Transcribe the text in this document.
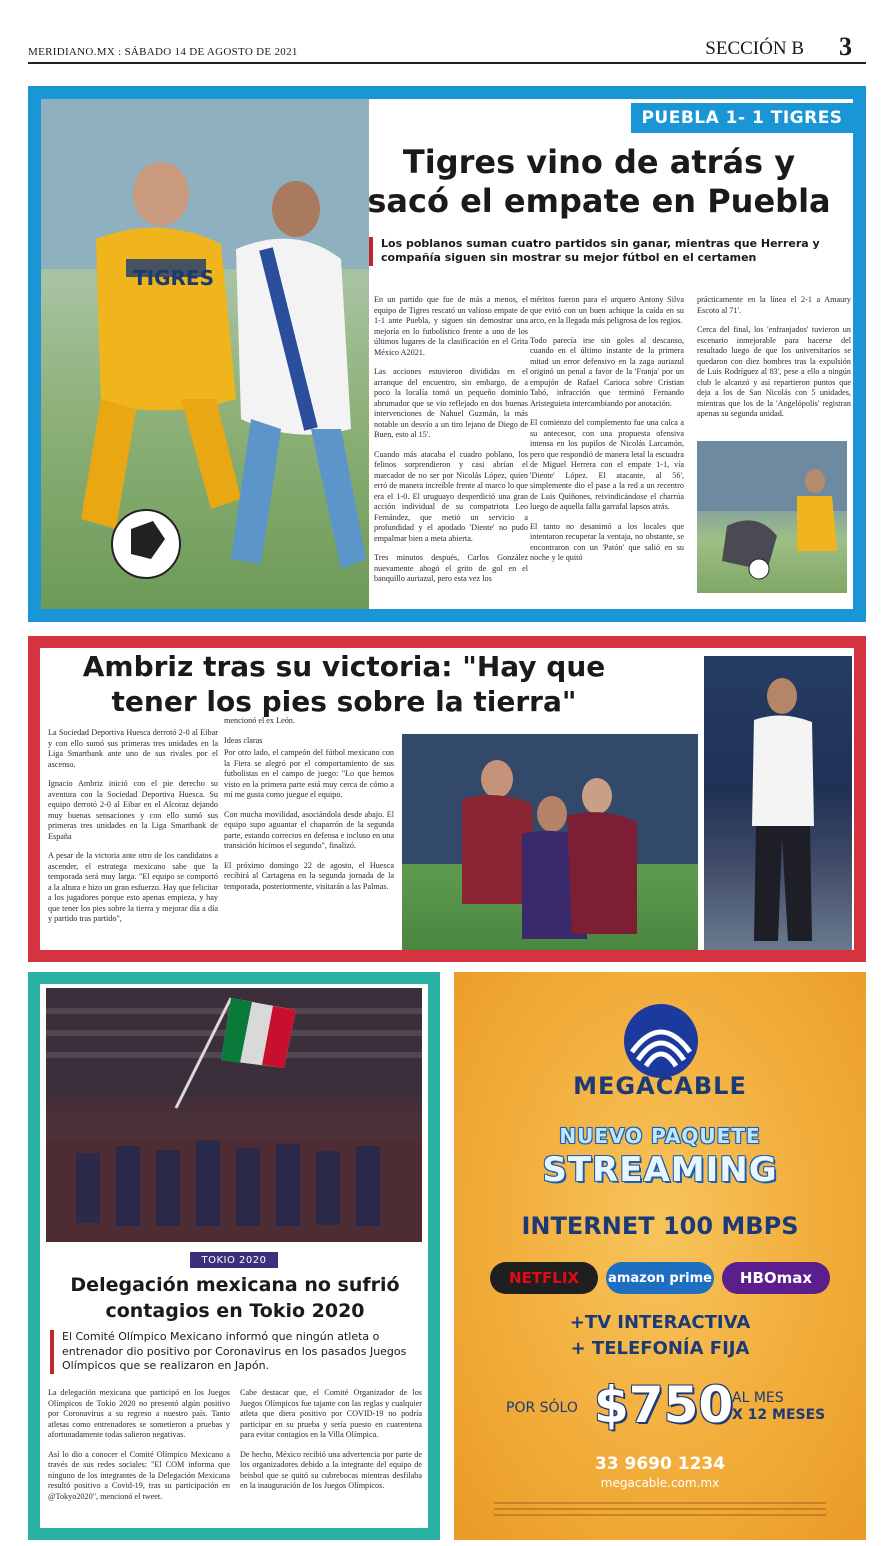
MERIDIANO.MX : SÁBADO 14 DE AGOSTO DE 2021	SECCIÓN B 3
TIGRES
PUEBLA 1- 1 TIGRES
Tigres vino de atrás y sacó el empate en Puebla
Los poblanos suman cuatro partidos sin ganar, mientras que Herrera y compañía siguen sin mostrar su mejor fútbol en el certamen

En un partido que fue de más a menos, el equipo de Tigres rescató un valioso empate de 1-1 ante Puebla, y siguen sin demostrar una mejoría en lo futbolístico frente a uno de los últimos lugares de la clasificación en el Grita México A2021.

Las acciones estuvieron divididas en el arranque del encuentro, sin embargo, de a poco la localía tomó un pequeño dominio abrumador que se vio reflejado en dos buenas intervenciones de Nahuel Guzmán, la más notable un desvío a un tiro lejano de Diego de Buen, esto al 15'.

Cuando más atacaba el cuadro poblano, los felinos sorprendieron y casi abrían el marcador de no ser por Nicolás López, quien erró de manera increíble frente al marco lo que era el 1-0. El uruguayo desperdició una gran acción individual de su compatriota Leo Fernández, que metió un servicio a profundidad y el apodado 'Diente' no pudo empalmar bien a meta abierta.

Tres minutos después, Carlos González nuevamente ahogó el grito de gol en el banquillo auriazul, pero esta vez los

méritos fueron para el arquero Antony Silva que evitó con un buen achique la caída en su arco, en la llegada más peligrosa de los regios.

Todo parecía irse sin goles al descanso, cuando en el último instante de la primera mitad un error defensivo en la zaga auriazul originó un penal a favor de la 'Franja' por un empujón de Rafael Carioca sobre Cristian Tabó, infracción que terminó Fernando Aristeguieta intercambiando por anotación.

El comienzo del complemento fue una calca a su antecesor, con una propuesta ofensiva intensa en los pupilos de Nicolás Larcamón, pero que respondió de manera letal la escuadra de Miguel Herrera con el empate 1-1, vía 'Diente' López. El atacante, al 56', simplemente dio el pase a la red a un recentro de Luis Quiñones, reivindicándose el charrúa luego de aquella falla garrafal lapsos atrás.

El tanto no desanimó a los locales que intentaron recuperar la ventaja, no obstante, se encontraron con un 'Patón' que salió en su noche y le quitó

prácticamente en la línea el 2-1 a Amaury Escoto al 71'.

Cerca del final, los 'enfranjados' tuvieron un escenario inmejorable para hacerse del resultado luego de que los universitarios se quedaron con diez hombres tras la expulsión de Luis Rodríguez al 83', pese a ello a ningún club le alcanzó y así repartieron puntos que deja a los de San Nicolás con 5 unidades, mientras que los de la 'Angelópolis' registran apenas su segunda unidad.

Ambriz tras su victoria: "Hay que tener los pies sobre la tierra"

La Sociedad Deportiva Huesca derrotó 2-0 al Eibar y con ello sumó sus primeras tres unidades en la Liga Smartbank ante uno de sus rivales por el ascenso.

Ignacio Ambriz inició con el pie derecho su aventura con la Sociedad Deportiva Huesca. Su equipo derrotó 2-0 al Eibar en el Alcoraz dejando muy buenas sensaciones y con ello sumó sus primeras tres unidades en la Liga Smartbank de España

A pesar de la victoria ante otro de los candidatos a ascender, el estratega mexicano sabe que la temporada será muy larga. "El equipo se comportó a la altura e hizo un gran esfuerzo. Hay que felicitar a los jugadores porque esto apenas empieza, y hay que tener los pies sobre la tierra y mejorar día a día y partido tras partido",

mencionó el ex León.

Ideas claras

Por otro lado, el campeón del fútbol mexicano con la Fiera se alegró por el comportamiento de sus futbolistas en el campo de juego: "Lo que hemos visto en la primera parte está muy cerca de cómo a mí me gusta como juegue el equipo.

Con mucha movilidad, asociándola desde abajo. El equipo supo aguantar el chaparrón de la segunda parte, estando correctos en defensa e incluso en una transición hicimos el segundo", finalizó.

El próximo domingo 22 de agosto, el Huesca recibirá al Cartagena en la segunda jornada de la temporada, posteriormente, visitarán a las Palmas.

TOKIO 2020
Delegación mexicana no sufrió contagios en Tokio 2020
El Comité Olímpico Mexicano informó que ningún atleta o entrenador dio positivo por Coronavirus en los pasados Juegos Olímpicos que se realizaron en Japón.

La delegación mexicana que participó en los Juegos Olímpicos de Tokio 2020 no presentó algún positivo por Coronavirus a su regreso a nuestro país. Tanto atletas como entrenadores se sometieron a pruebas y afortunadamente todas salieron negativas.

Así lo dio a conocer el Comité Olímpico Mexicano a través de sus redes sociales: "El COM informa que ninguno de los integrantes de la Delegación Mexicana resultó positivo a Covid-19, tras su participación en @Tokyo2020", mencionó el tweet.

Cabe destacar que, el Comité Organizador de los Juegos Olímpicos fue tajante con las reglas y cualquier atleta que diera positivo por COVID-19 no podría participar en su prueba y sería puesto en cuarentena para evitar contagios en la Villa Olímpica.

De hecho, México recibió una advertencia por parte de los organizadores debido a la integrante del equipo de beisbol que se quitó su cubrebocas mientras desfilaba en la inauguración de los Juegos Olímpicos.

MEGACABLE
NUEVO PAQUETE
STREAMING
INTERNET 100 MBPS
NETFLIX	amazon prime	HBOmax
+TV INTERACTIVA
+ TELEFONÍA FIJA
POR SÓLO $750
AL MES
X 12 MESES
33 9690 1234
megacable.com.mx
